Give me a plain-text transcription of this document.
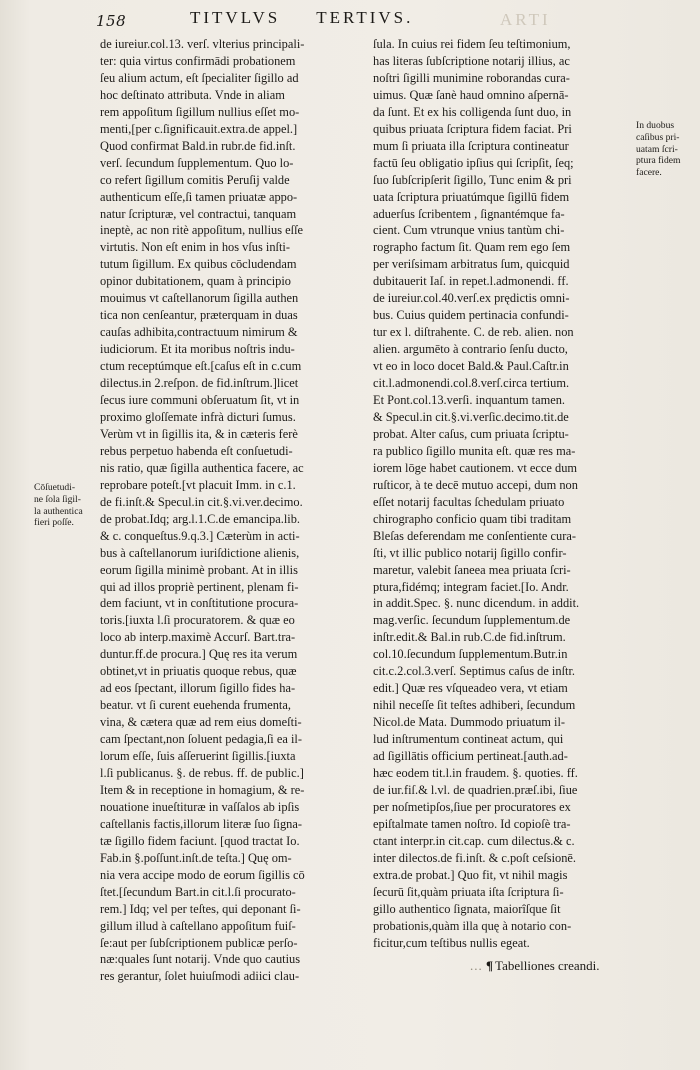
158	TITVLVS TERTIVS.	ARTI
de iureiur.col.13. verſ. vlterius principali-
ter: quia virtus confirmādi probationem
ſeu alium actum, eſt ſpecialiter ſigillo ad
hoc deſtinato attributa. Vnde in aliam
rem appoſitum ſigillum nullius eſſet mo-
menti,[per c.ſignificauit.extra.de appel.]
Quod confirmat Bald.in rubr.de fid.inſt.
verſ. ſecundum ſupplementum. Quo lo-
co refert ſigillum comitis Peruſij valde
authenticum eſſe,ſi tamen priuatæ appo-
natur ſcripturæ, vel contractui, tanquam
ineptè, ac non ritè appoſitum, nullius eſſe
virtutis. Non eſt enim in hos vſus inſti-
tutum ſigillum. Ex quibus cōcludendam
opinor dubitationem, quam à principio
mouimus vt caſtellanorum ſigilla authen
tica non cenſeantur, præterquam in duas
cauſas adhibita,contractuum nimirum &
iudiciorum. Et ita moribus noſtris indu-
ctum receptúmque eſt.[caſus eſt in c.cum
dilectus.in 2.reſpon. de fid.inſtrum.]licet
ſecus iure communi obſeruatum ſit, vt in
proximo gloſſemate infrà dicturi ſumus.
Verùm vt in ſigillis ita, & in cæteris ferè
rebus perpetuo habenda eſt conſuetudi-
nis ratio, quæ ſigilla authentica facere, ac
reprobare poteſt.[vt placuit Imm. in c.1.
de fi.inſt.& Specul.in cit.§.vi.ver.decimo.
de probat.Idq; arg.l.1.C.de emancipa.lib.
& c. conqueſtus.9.q.3.] Cæterùm in acti-
bus à caſtellanorum iuriſdictione alienis,
eorum ſigilla minimè probant. At in illis
qui ad illos propriè pertinent, plenam fi-
dem faciunt, vt in conſtitutione procura-
toris.[iuxta l.ſi procuratorem. & quæ eo
loco ab interp.maximè Accurſ. Bart.tra-
duntur.ff.de procura.] Quę res ita verum
obtinet,vt in priuatis quoque rebus, quæ
ad eos ſpectant, illorum ſigillo fides ha-
beatur. vt ſi curent euehenda frumenta,
vina, & cætera quæ ad rem eius domeſti-
cam ſpectant,non ſoluent pedagia,ſi ea il-
lorum eſſe, ſuis aſſeruerint ſigillis.[iuxta
l.ſi publicanus. §. de rebus. ff. de public.]
Item & in receptione in homagium, & re-
nouatione inueſtituræ in vaſſalos ab ipſis
caſtellanis factis,illorum literæ ſuo ſigna-
tæ ſigillo fidem faciunt. [quod tractat Io.
Fab.in §.poſſunt.inſt.de teſta.] Quę om-
nia vera accipe modo de eorum ſigillis cō
ſtet.[ſecundum Bart.in cit.l.ſi procurato-
rem.] Idq; vel per teſtes, qui deponant ſi-
gillum illud à caſtellano appoſitum fuiſ-
ſe:aut per ſubſcriptionem publicæ perſo-
næ:quales ſunt notarij. Vnde quo cautius
res gerantur, ſolet huiuſmodi adiici clau-
ſula. In cuius rei fidem ſeu teſtimonium,
has literas ſubſcriptione notarij illius, ac
noſtri ſigilli munimine roborandas cura-
uimus. Quæ ſanè haud omnino aſpernā-
da ſunt. Et ex his colligenda ſunt duo, in
quibus priuata ſcriptura fidem faciat. Pri
mum ſi priuata illa ſcriptura contineatur
factū ſeu obligatio ipſius qui ſcripſit, ſeq;
ſuo ſubſcripſerit ſigillo, Tunc enim & pri
uata ſcriptura priuatúmque ſigillū fidem
aduerſus ſcribentem , ſignantémque fa-
cient. Cum vtrunque vnius tantùm chi-
rographo factum ſit. Quam rem ego ſem
per veriſsimam arbitratus ſum, quicquid
dubitauerit Iaſ. in repet.l.admonendi. ff.
de iureiur.col.40.verſ.ex prędictis omni-
bus. Cuius quidem pertinacia confundi-
tur ex l. diſtrahente. C. de reb. alien. non
alien. argumēto à contrario ſenſu ducto,
vt eo in loco docet Bald.& Paul.Caſtr.in
cit.l.admonendi.col.8.verſ.circa tertium.
Et Pont.col.13.verſi. inquantum tamen.
& Specul.in cit.§.vi.verſic.decimo.tit.de
probat. Alter caſus, cum priuata ſcriptu-
ra publico ſigillo munita eſt. quæ res ma-
iorem lōge habet cautionem. vt ecce dum
ruſticor, à te decē mutuo accepi, dum non
eſſet notarij facultas ſchedulam priuato
chirographo conficio quam tibi traditam
Bleſas deferendam me conſentiente cura-
ſti, vt illic publico notarij ſigillo confir-
maretur, valebit ſaneea mea priuata ſcri-
ptura,fidémq; integram faciet.[Io. Andr.
in addit.Spec. §. nunc dicendum. in addit.
mag.verſic. ſecundum ſupplementum.de
inſtr.edit.& Bal.in rub.C.de fid.inſtrum.
col.10.ſecundum ſupplementum.Butr.in
cit.c.2.col.3.verſ. Septimus caſus de inſtr.
edit.] Quæ res vſqueadeo vera, vt etiam
nihil neceſſe ſit teſtes adhiberi, ſecundum
Nicol.de Mata. Dummodo priuatum il-
lud inſtrumentum contineat actum, qui
ad ſigillātis officium pertineat.[auth.ad-
hæc eodem tit.l.in fraudem. §. quoties. ff.
de iur.fiſ.& l.vl. de quadrien.præſ.ibi, ſiue
per noſmetipſos,ſiue per procuratores ex
epiſtalmate tamen noſtro. Id copioſè tra-
ctant interpr.in cit.cap. cum dilectus.& c.
inter dilectos.de fi.inſt. & c.poſt ceſsionē.
extra.de probat.] Quo fit, vt nihil magis
ſecurū ſit,quàm priuata iſta ſcriptura ſi-
gillo authentico ſignata, maiorîſque ſit
probationis,quàm illa quę à notario con-
ficitur,cum teſtibus nullis egeat.
In duobus
caſibus pri-
uatam ſcri-
ptura fidem
facere.
Cōſuetudi-
ne ſola ſigil-
la authentica
fieri poſſe.
... ¶ Tabelliones creandi.
